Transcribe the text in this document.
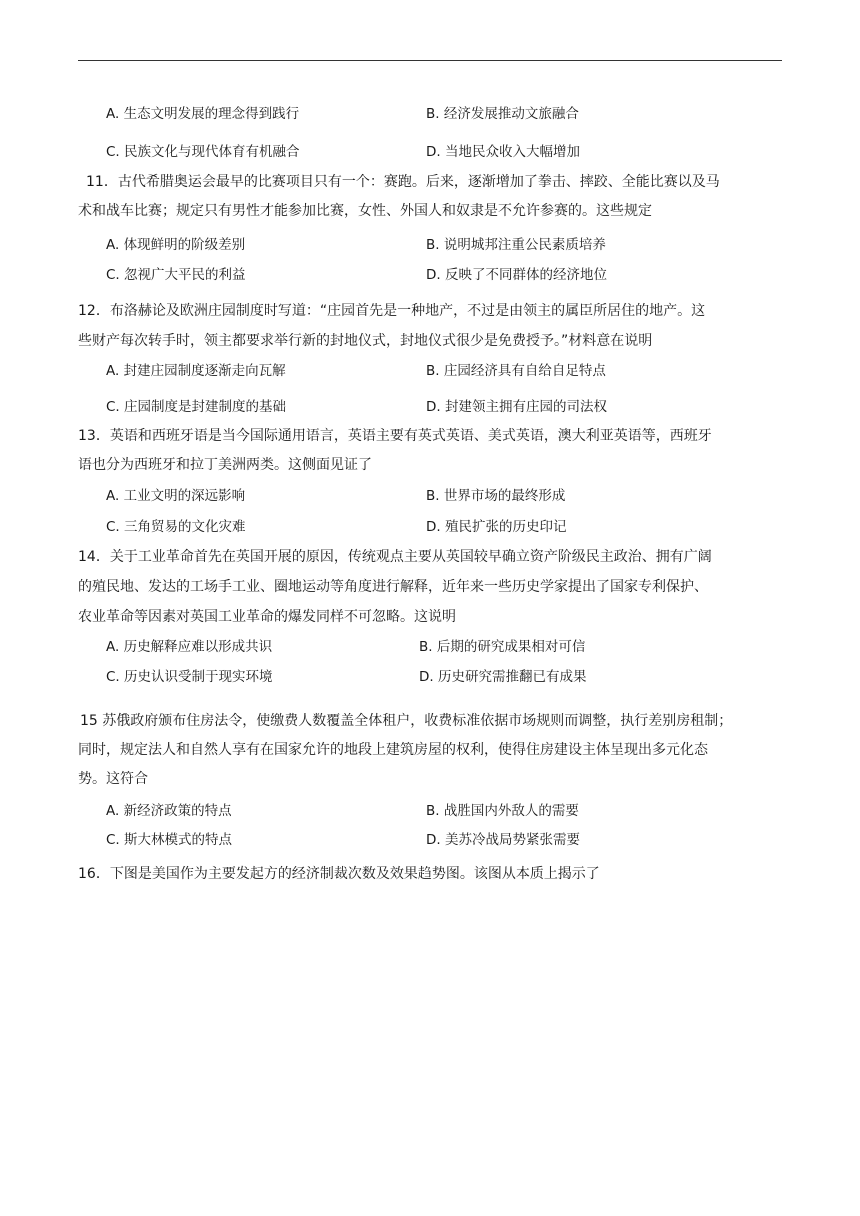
A. 生态文明发展的理念得到践行	B. 经济发展推动文旅融合
C. 民族文化与现代体育有机融合	D. 当地民众收入大幅增加
11．古代希腊奥运会最早的比赛项目只有一个：赛跑。后来，逐渐增加了拳击、摔跤、全能比赛以及马
术和战车比赛；规定只有男性才能参加比赛，女性、外国人和奴隶是不允许参赛的。这些规定
A. 体现鲜明的阶级差别	B. 说明城邦注重公民素质培养
C. 忽视广大平民的利益	D. 反映了不同群体的经济地位
12．布洛赫论及欧洲庄园制度时写道：“庄园首先是一种地产，不过是由领主的属臣所居住的地产。这
些财产每次转手时，领主都要求举行新的封地仪式，封地仪式很少是免费授予。”材料意在说明
A. 封建庄园制度逐渐走向瓦解	B. 庄园经济具有自给自足特点
C. 庄园制度是封建制度的基础	D. 封建领主拥有庄园的司法权
13．英语和西班牙语是当今国际通用语言，英语主要有英式英语、美式英语，澳大利亚英语等，西班牙
语也分为西班牙和拉丁美洲两类。这侧面见证了
A. 工业文明的深远影响	B. 世界市场的最终形成
C. 三角贸易的文化灾难	D. 殖民扩张的历史印记
14．关于工业革命首先在英国开展的原因，传统观点主要从英国较早确立资产阶级民主政治、拥有广阔
的殖民地、发达的工场手工业、圈地运动等角度进行解释，近年来一些历史学家提出了国家专利保护、
农业革命等因素对英国工业革命的爆发同样不可忽略。这说明
A. 历史解释应难以形成共识	B. 后期的研究成果相对可信
C. 历史认识受制于现实环境	D. 历史研究需推翻已有成果
15 苏俄政府颁布住房法令，使缴费人数覆盖全体租户，收费标准依据市场规则而调整，执行差别房租制；
同时，规定法人和自然人享有在国家允许的地段上建筑房屋的权利，使得住房建设主体呈现出多元化态
势。这符合
A. 新经济政策的特点	B. 战胜国内外敌人的需要
C. 斯大林模式的特点	D. 美苏冷战局势紧张需要
16．下图是美国作为主要发起方的经济制裁次数及效果趋势图。该图从本质上揭示了
